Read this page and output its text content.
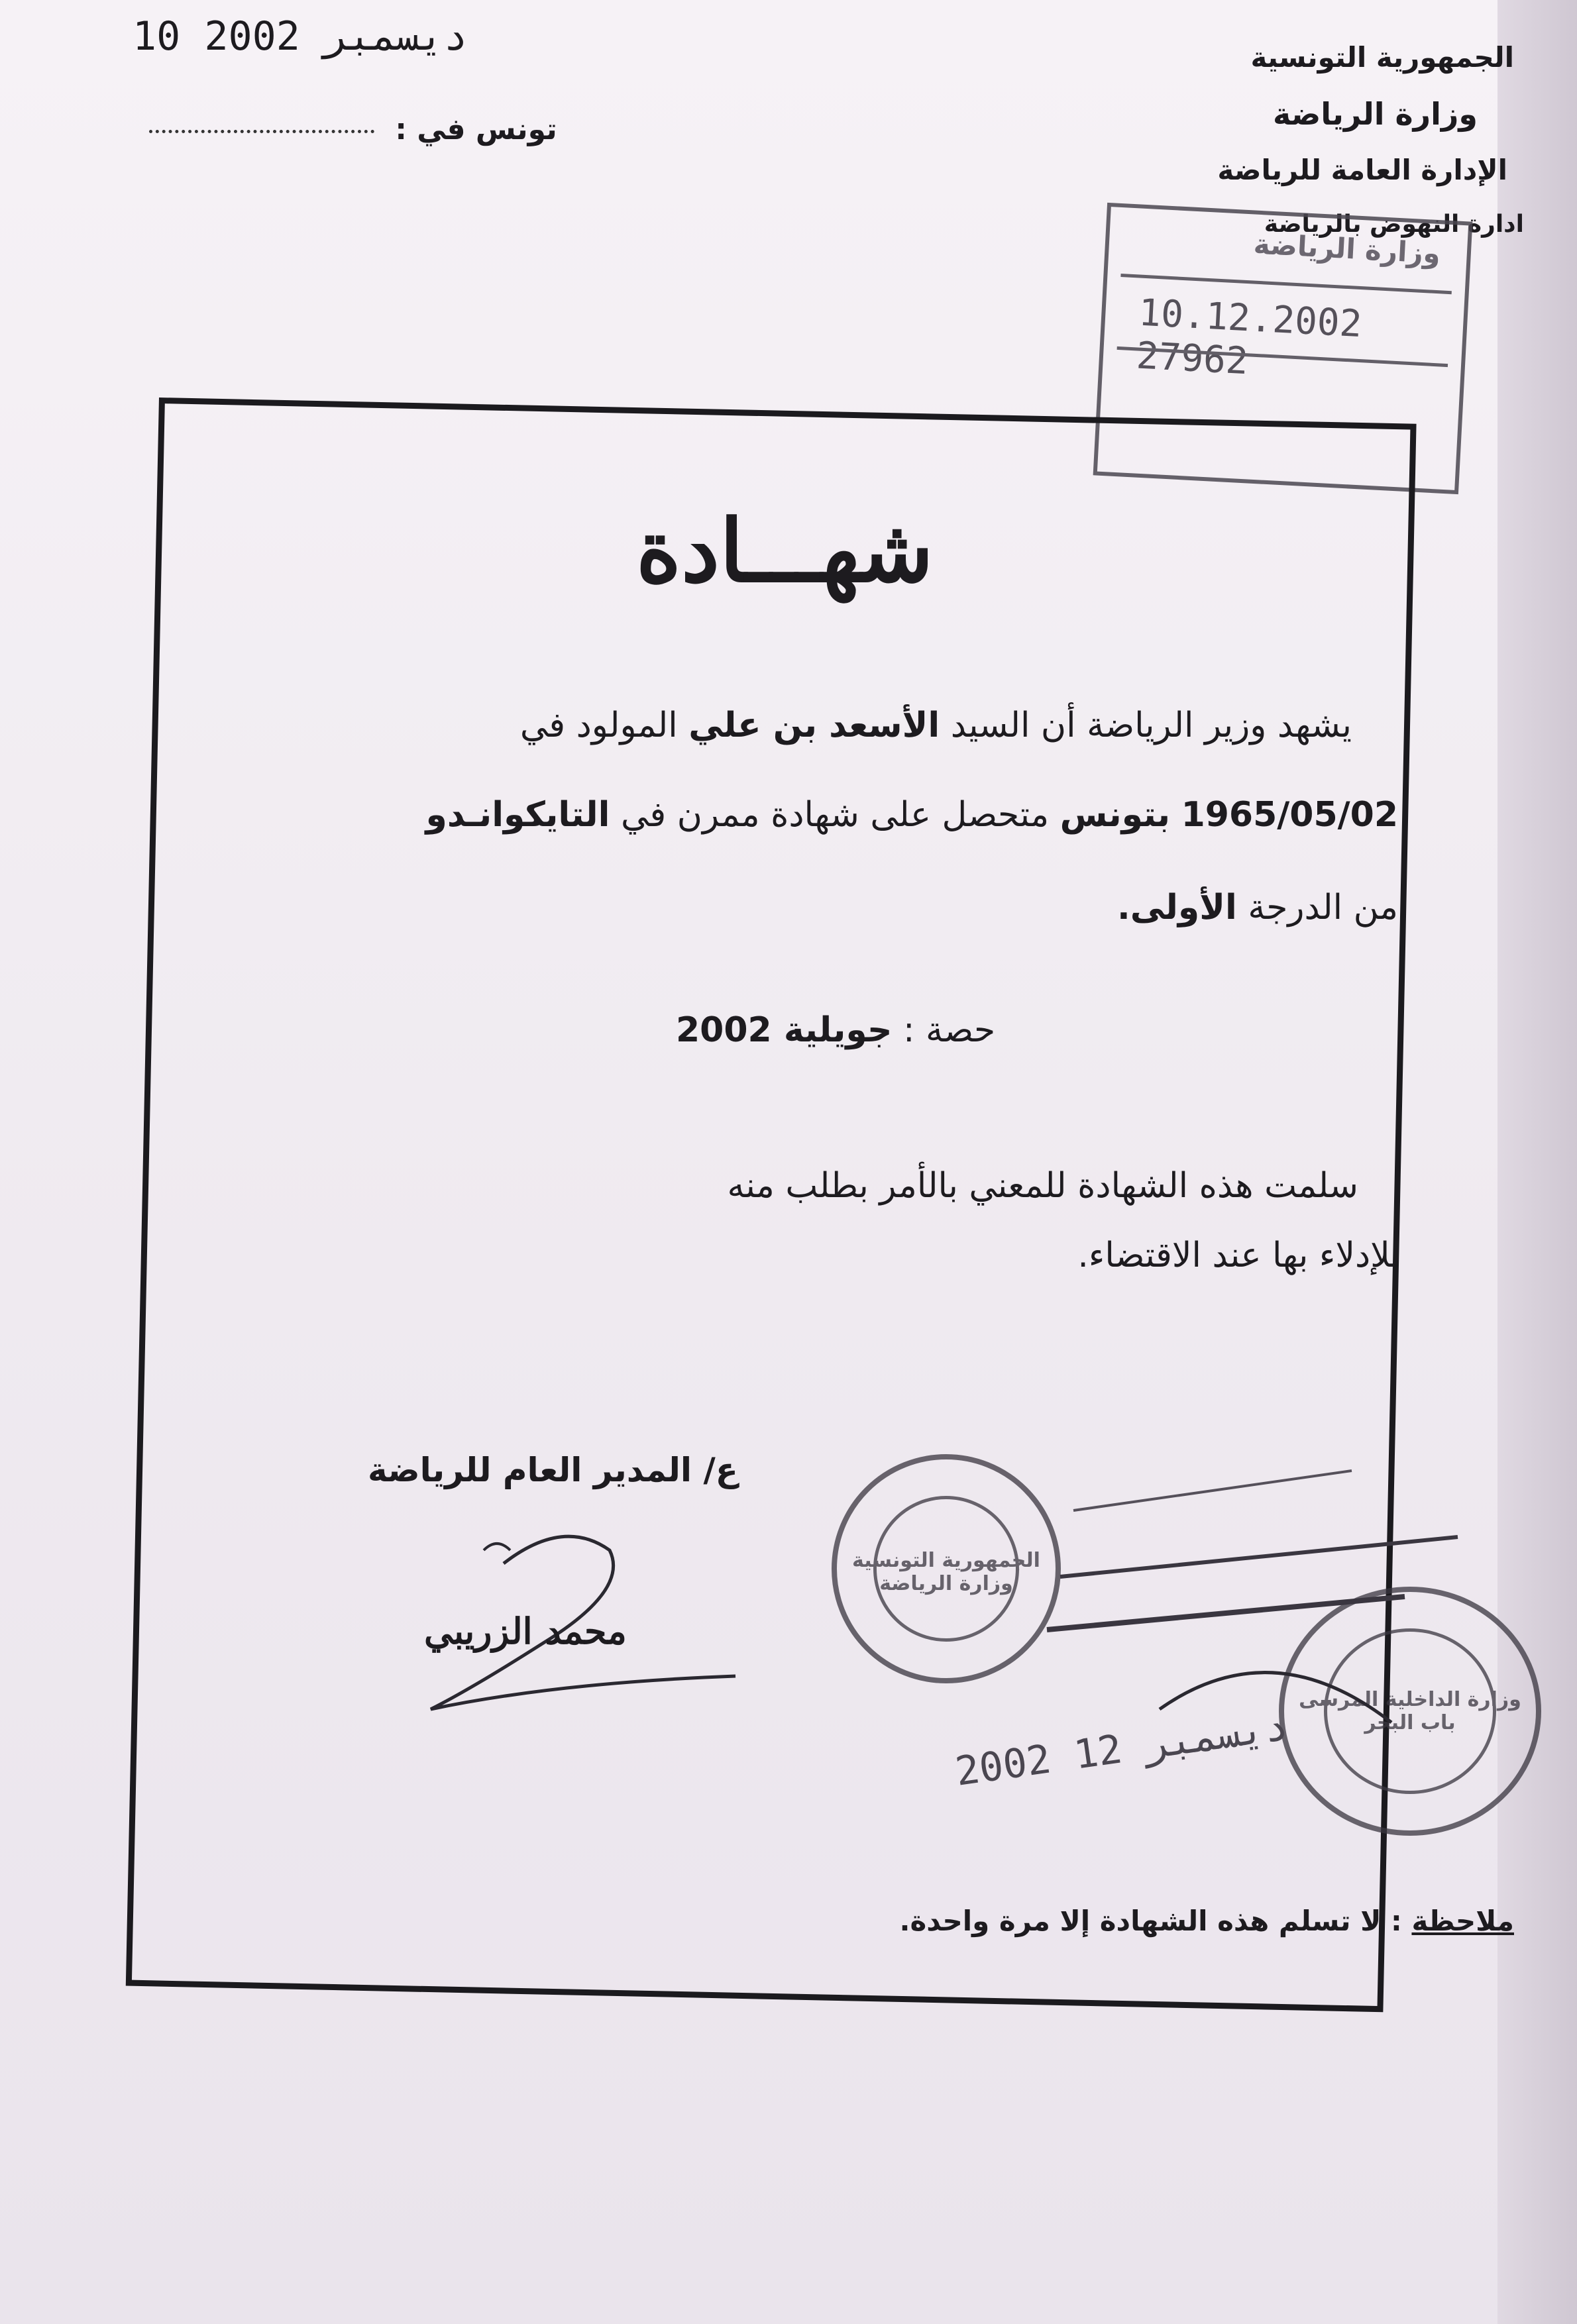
10 ديسمبر 2002
تونس في :
الجمهورية التونسية
وزارة الرياضة
الإدارة العامة للرياضة
ادارة النهوض بالرياضة
وزارة الرياضة
10.12.2002 27962
شهـــادة
يشهد وزير الرياضة أن السيد الأسعد بن علي المولود في
1965/05/02 بتونس متحصل على شهادة ممرن في التايكوانـدو
من الدرجة الأولى.
حصة : جويلية 2002
سلمت هذه الشهادة للمعني بالأمر بطلب منه
للإدلاء بها عند الاقتضاء.
ع/ المدير العام للرياضة
محمد الزريبي
الجمهورية التونسية وزارة الرياضة
وزارة الداخلية المرسى باب البحر
2002 ديسمبر 12
ملاحظة : لا تسلم هذه الشهادة إلا مرة واحدة.
